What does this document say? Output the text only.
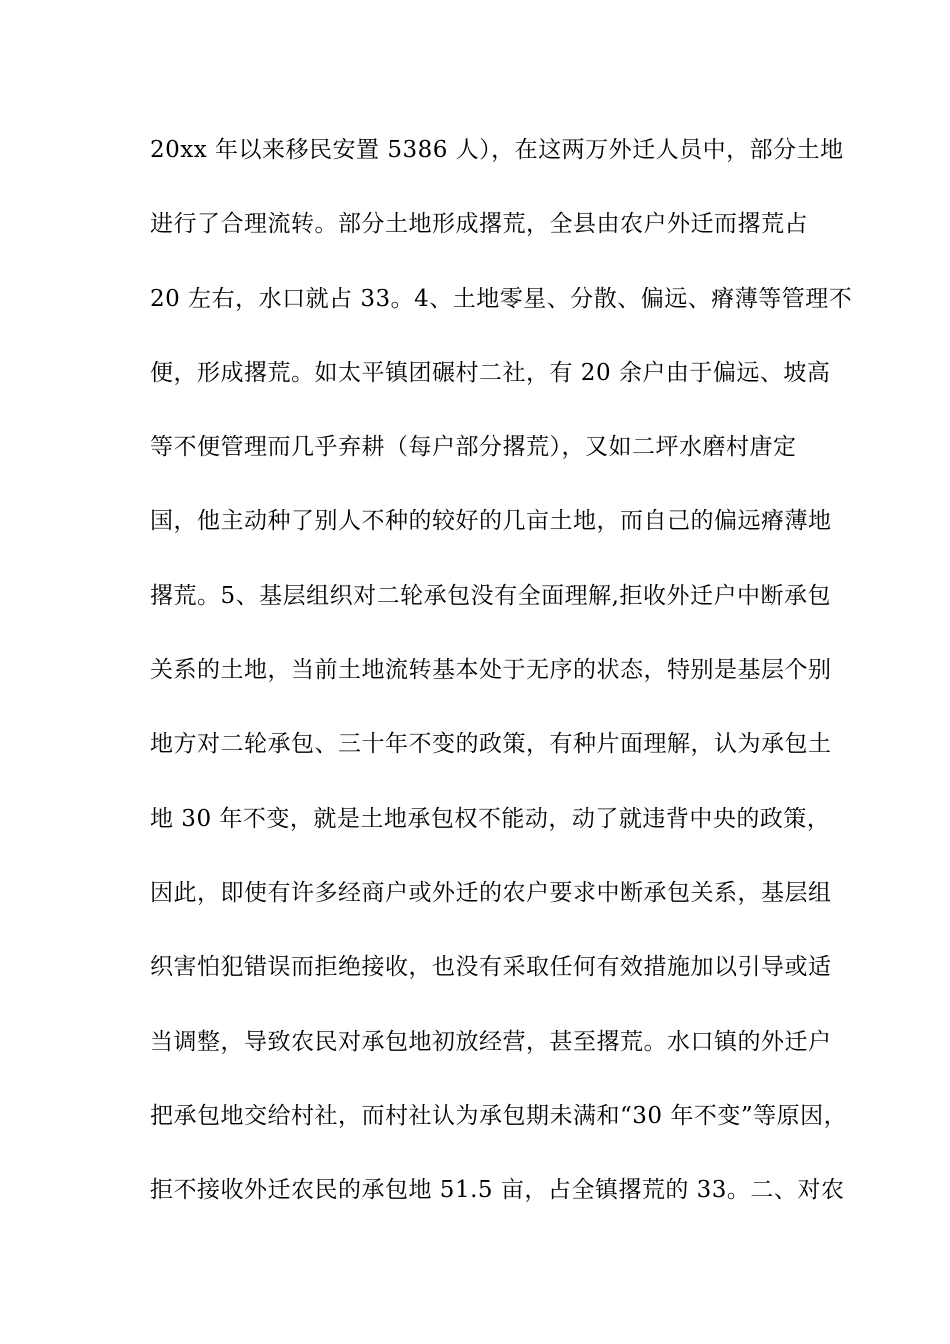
20xx 年以来移民安置 5386 人），在这两万外迁人员中，部分土地
进行了合理流转。部分土地形成撂荒，全县由农户外迁而撂荒占
20 左右，水口就占 33。4、土地零星、分散、偏远、瘠薄等管理不
便，形成撂荒。如太平镇团碾村二社，有 20 余户由于偏远、坡高
等不便管理而几乎弃耕（每户部分撂荒），又如二坪水磨村唐定
国，他主动种了别人不种的较好的几亩土地，而自己的偏远瘠薄地
撂荒。5、基层组织对二轮承包没有全面理解,拒收外迁户中断承包
关系的土地，当前土地流转基本处于无序的状态，特别是基层个别
地方对二轮承包、三十年不变的政策，有种片面理解，认为承包土
地 30 年不变，就是土地承包权不能动，动了就违背中央的政策，
因此，即使有许多经商户或外迁的农户要求中断承包关系，基层组
织害怕犯错误而拒绝接收，也没有采取任何有效措施加以引导或适
当调整，导致农民对承包地初放经营，甚至撂荒。水口镇的外迁户
把承包地交给村社，而村社认为承包期未满和“30 年不变”等原因，
拒不接收外迁农民的承包地 51.5 亩，占全镇撂荒的 33。二、对农
